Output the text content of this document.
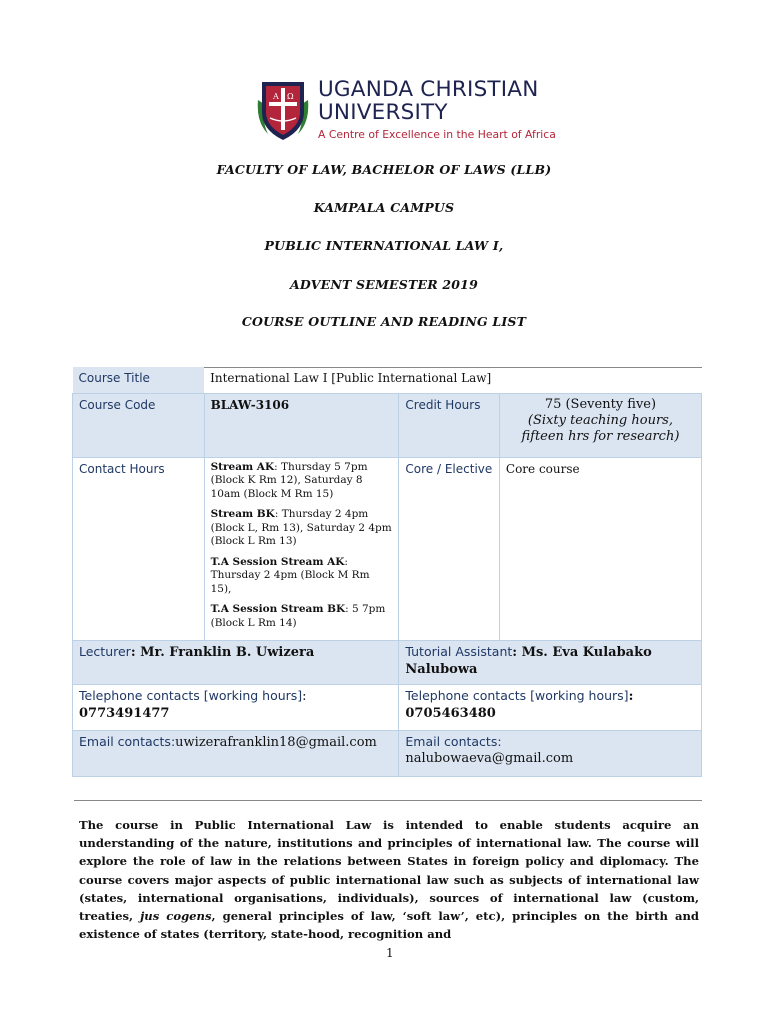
A Ω UGANDA CHRISTIAN
UNIVERSITY
A Centre of Excellence in the Heart of Africa
FACULTY OF LAW, BACHELOR OF LAWS (LLB)
KAMPALA CAMPUS
PUBLIC INTERNATIONAL LAW I,
ADVENT SEMESTER 2019
COURSE OUTLINE AND READING LIST
Course Title	International Law I [Public International Law]		
Course Code	BLAW-3106	Credit Hours	75 (Seventy five)
(Sixty teaching hours, fifteen hrs for research)

Contact Hours	Stream AK: Thursday 5 7pm (Block K Rm 12), Saturday 8 10am (Block M Rm 15)

Stream BK: Thursday 2 4pm (Block L, Rm 13), Saturday 2 4pm (Block L Rm 13)

T.A Session Stream AK: Thursday 2 4pm (Block M Rm 15),

T.A Session Stream BK: 5 7pm (Block L Rm 14)	Core / Elective	Core course
Lecturer: Mr. Franklin B. Uwizera		Tutorial Assistant: Ms. Eva Kulabako Nalubowa	
Telephone contacts [working hours]:
0773491477		Telephone contacts [working hours]: 0705463480	
Email contacts:uwizerafranklin18@gmail.com		Email contacts:
nalubowaeva@gmail.com	
The course in Public International Law is intended to enable students acquire an understanding of the nature, institutions and principles of international law. The course will explore the role of law in the relations between States in foreign policy and diplomacy. The course covers major aspects of public international law such as subjects of international law (states, international organisations, individuals), sources of international law (custom, treaties, jus cogens, general principles of law, ‘soft law’, etc), principles on the birth and existence of states (territory, state-hood, recognition and
1
